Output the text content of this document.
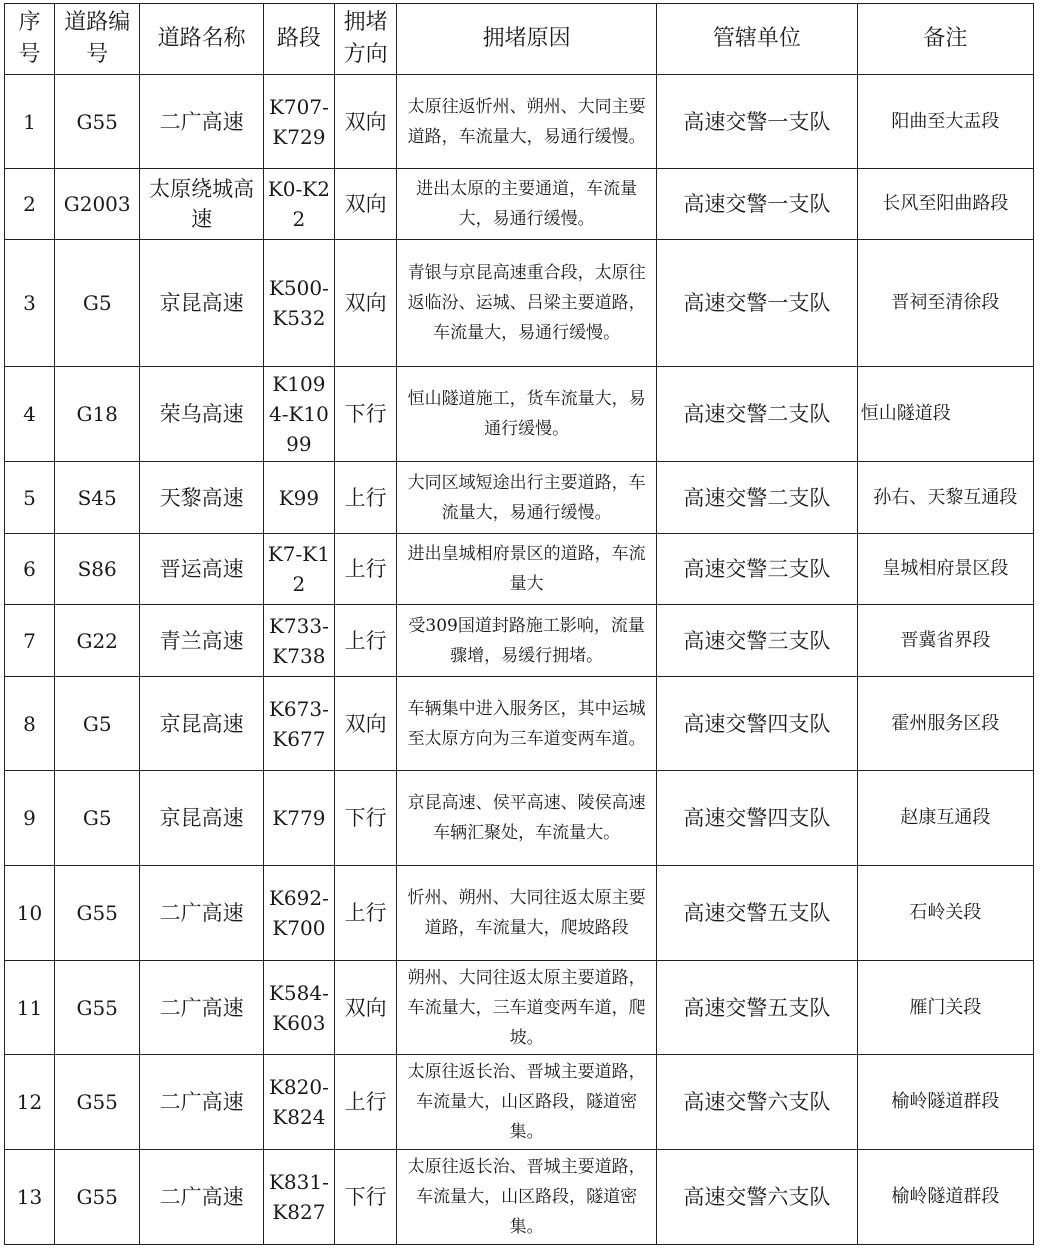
序号	道路编号	道路名称	路段	拥堵方向	拥堵原因	管辖单位	备注
1	G55	二广高速	K707-K729	双向	太原往返忻州、朔州、大同主要道路，车流量大，易通行缓慢。	高速交警一支队	阳曲至大盂段
2	G2003	太原绕城高速	K0-K22	双向	进出太原的主要通道，车流量大，易通行缓慢。	高速交警一支队	长风至阳曲路段
3	G5	京昆高速	K500-K532	双向	青银与京昆高速重合段，太原往返临汾、运城、吕梁主要道路，车流量大，易通行缓慢。	高速交警一支队	晋祠至清徐段
4	G18	荣乌高速	K1094-K1099	下行	恒山隧道施工，货车流量大，易通行缓慢。	高速交警二支队	恒山隧道段
5	S45	天黎高速	K99	上行	大同区域短途出行主要道路，车流量大，易通行缓慢。	高速交警二支队	孙右、天黎互通段
6	S86	晋运高速	K7-K12	上行	进出皇城相府景区的道路，车流量大	高速交警三支队	皇城相府景区段
7	G22	青兰高速	K733-K738	上行	受309国道封路施工影响，流量骤增，易缓行拥堵。	高速交警三支队	晋冀省界段
8	G5	京昆高速	K673-K677	双向	车辆集中进入服务区，其中运城至太原方向为三车道变两车道。	高速交警四支队	霍州服务区段
9	G5	京昆高速	K779	下行	京昆高速、侯平高速、陵侯高速车辆汇聚处，车流量大。	高速交警四支队	赵康互通段
10	G55	二广高速	K692-K700	上行	忻州、朔州、大同往返太原主要道路，车流量大，爬坡路段	高速交警五支队	石岭关段
11	G55	二广高速	K584-K603	双向	朔州、大同往返太原主要道路，车流量大，三车道变两车道，爬坡。	高速交警五支队	雁门关段
12	G55	二广高速	K820-K824	上行	太原往返长治、晋城主要道路，车流量大，山区路段，隧道密集。	高速交警六支队	榆岭隧道群段
13	G55	二广高速	K831-K827	下行	太原往返长治、晋城主要道路，车流量大，山区路段，隧道密集。	高速交警六支队	榆岭隧道群段
